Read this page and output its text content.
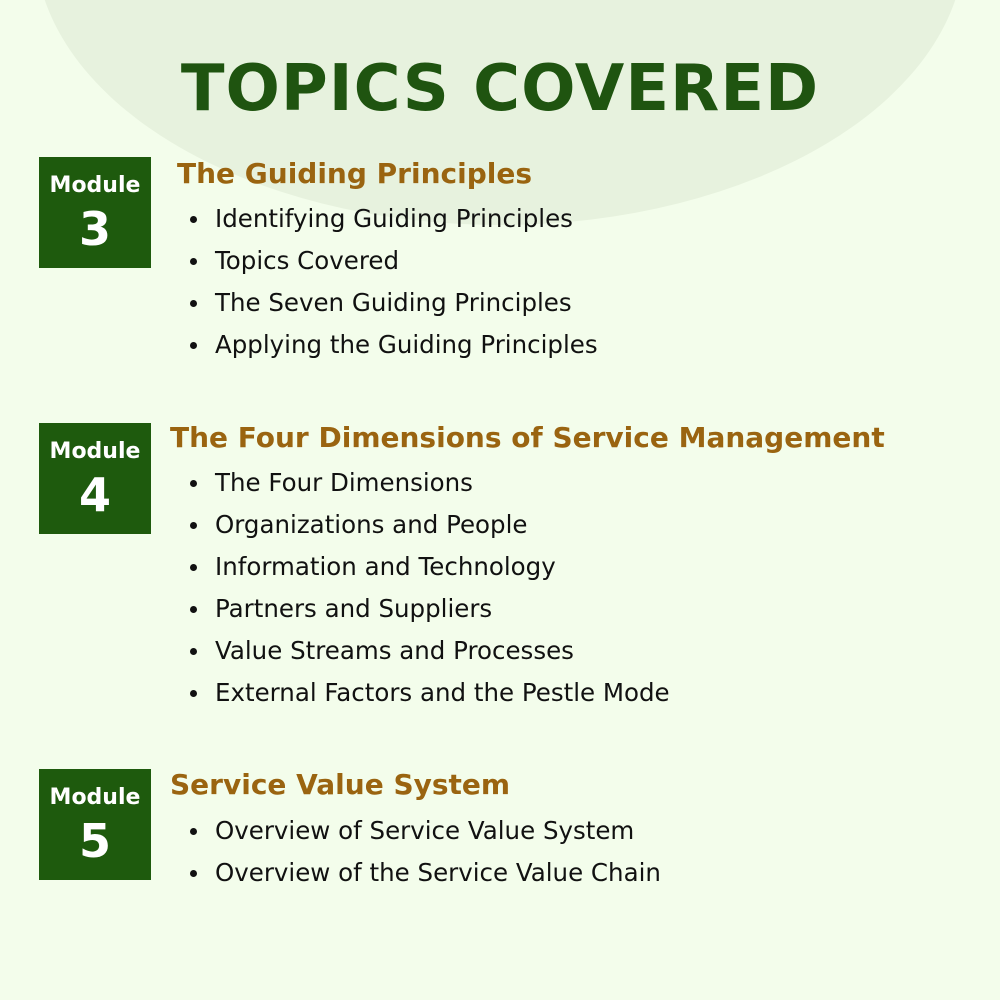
TOPICS COVERED
Module
3
The Guiding Principles
Identifying Guiding Principles
Topics Covered
The Seven Guiding Principles
Applying the Guiding Principles
Module
4
The Four Dimensions of Service Management
The Four Dimensions
Organizations and People
Information and Technology
Partners and Suppliers
Value Streams and Processes
External Factors and the Pestle Mode
Module
5
Service Value System
Overview of Service Value System
Overview of the Service Value Chain
